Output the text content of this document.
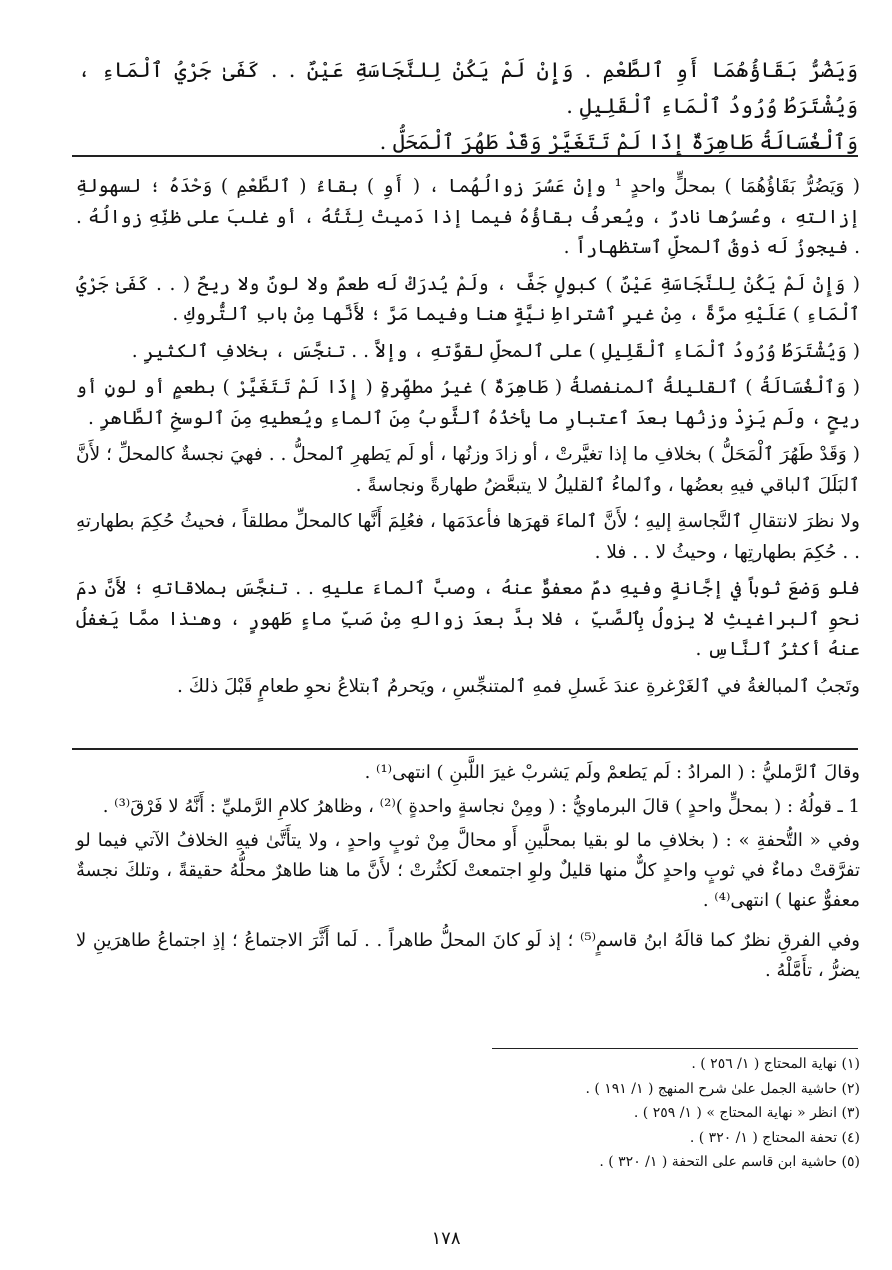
وَيَضُرُّ بَقَاؤُهُمَا أَوِ ٱلطَّعْمِ . وَإِنْ لَمْ يَكُنْ لِلنَّجَاسَةِ عَيْنٌ . . كَفَىٰ جَرْيُ ٱلْمَاءِ ، وَيُشْتَرَطُ وُرُودُ ٱلْمَاءِ ٱلْقَلِيلِ .
وَٱلْغُسَالَةُ طَاهِرَةٌ إِذَا لَمْ تَتَغَيَّرْ وَقَدْ طَهُرَ ٱلْمَحَلُّ .

( وَيَضُرُّ بَقَاؤُهُمَا ) بمحلٍّ واحدٍ ¹ وإنْ عَسُرَ زوالُهُما ، ( أَوِ ) بقاءُ ( ٱلطَّعْمِ ) وَحْدَهُ ؛ لسهولةِ إزالتهِ ، وعُسرُها نادرٌ ، ويُعرفُ بقاؤُهُ فيما إذا دَميتْ لِثَتُهُ ، أو غلبَ على ظنِّهِ زوالُهُ . . فيجوزُ لَه ذوقُ ٱلمحلِّ ٱستظهاراً .

( وَإِنْ لَمْ يَكُنْ لِلنَّجَاسَةِ عَيْنٌ ) كبولٍ جَفَّ ، ولَمْ يُدرَكْ لَه طعمٌ ولا لونٌ ولا ريحٌ ( . . كَفَىٰ جَرْيُ ٱلْمَاءِ ) عَلَيْهِ مرَّةً ، مِنْ غيرِ ٱشتراطِ نيَّةٍ هنا وفيما مَرَّ ؛ لأَنَّها مِنْ بابِ ٱلتُّروكِ .

( وَيُشْتَرَطُ وُرُودُ ٱلْمَاءِ ٱلْقَلِيلِ ) على ٱلمحلِّ لقوَّتهِ ، وإلاَّ . . تنجَّسَ ، بخلافِ ٱلكثيرِ .

( وَٱلْغُسَالَةُ ) ٱلقليلةُ ٱلمنفصلةُ ( طَاهِرَةٌ ) غيرُ مطهِّرةٍ ( إِذَا لَمْ تَتَغَيَّرْ ) بطعمٍ أو لونٍ أو ريحٍ ، ولَم يَزِدْ وزنُها بعدَ ٱعتبارِ ما يأخذُهُ ٱلثَّوبُ مِنَ ٱلماءِ ويُعطيهِ مِنَ ٱلوسخِ ٱلطَّاهرِ .

( وَقَدْ طَهُرَ ٱلْمَحَلُّ ) بخلافِ ما إذا تغيَّرتْ ، أو زادَ وزنُها ، أو لَم يَطهرِ ٱلمحلُّ . . فهيَ نجسةٌ كالمحلِّ ؛ لأَنَّ ٱلبَلَلَ ٱلباقي فيهِ بعضُها ، وٱلماءُ ٱلقليلُ لا يتبعَّضُ طهارةً ونجاسةً .

ولا نظرَ لانتقالِ ٱلنَّجاسةِ إليهِ ؛ لأَنَّ ٱلماءَ قهرَها فأعدَمَها ، فعُلِمَ أَنَّها كالمحلِّ مطلقاً ، فحيثُ حُكِمَ بطهارتهِ . . حُكِمَ بطهارتِها ، وحيثُ لا . . فلا .

فلو وَضعَ ثوباً في إجَّانةٍ وفيهِ دمٌ معفوٌّ عنهُ ، وصبَّ ٱلماءَ عليهِ . . تنجَّسَ بملاقاتهِ ؛ لأَنَّ دمَ نحوِ ٱلبراغيثِ لا يزولُ بِٱلصَّبِّ ، فلا بدَّ بعدَ زوالهِ مِنْ صَبِّ ماءٍ طَهورٍ ، وهـٰذا ممَّا يَغفلُ عنهُ أكثرُ ٱلنَّاسِ .

وتَجبُ ٱلمبالغةُ في ٱلغَرْغرةِ عندَ غَسلِ فمهِ ٱلمتنجِّسِ ، ويَحرمُ ٱبتلاعُ نحوِ طعامٍ قَبْلَ ذلكَ .

وقالَ ٱلرَّمليُّ : ( المرادُ : لَم يَطعمْ ولَم يَشربْ غيرَ اللَّبنِ ) انتهى⁽¹⁾ .

1 ـ قولُهُ : ( بمحلٍّ واحدٍ ) قالَ البرماويُّ : ( ومِنْ نجاسةٍ واحدةٍ )⁽²⁾ ، وظاهرُ كلامِ الرَّمليِّ : أَنَّهُ لا فَرْقَ⁽³⁾ .

وفي « التُّحفةِ » : ( بخلافِ ما لو بقيا بمحلَّينِ أَو محالَّ مِنْ ثوبٍ واحدٍ ، ولا يتأَتَّىٰ فيهِ الخلافُ الآتي فيما لو تفرَّقتْ دماءٌ في ثوبٍ واحدٍ كلٌّ منها قليلٌ ولوِ اجتمعتْ لَكثُرتْ ؛ لأَنَّ ما هنا طاهرٌ محلُّهُ حقيقةً ، وتلكَ نجسةٌ معفوٌّ عنها ) انتهى⁽⁴⁾ .

وفي الفرقِ نظرٌ كما قالَهُ ابنُ قاسمٍ⁽⁵⁾ ؛ إذ لَو كانَ المحلُّ طاهراً . . لَما أَثَّرَ الاجتماعُ ؛ إذِ اجتماعُ طاهرَينِ لا يضرُّ ، تأَمَّلْهُ .

(١) نهاية المحتاج ( ١/ ٢٥٦ ) .
(٢) حاشية الجمل علىٰ شرح المنهج ( ١/ ١٩١ ) .
(٣) انظر « نهاية المحتاج » ( ١/ ٢٥٩ ) .
(٤) تحفة المحتاج ( ١/ ٣٢٠ ) .
(٥) حاشية ابن قاسم على التحفة ( ١/ ٣٢٠ ) .
١٧٨
